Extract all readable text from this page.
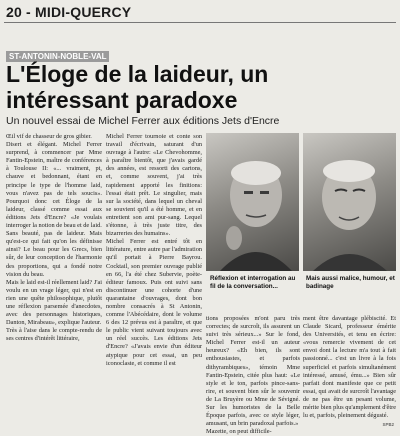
20 - MIDI-QUERCY
ST-ANTONIN-NOBLE-VAL
L'Éloge de la laideur, un intéressant paradoxe
Un nouvel essai de Michel Ferrer aux éditions Jets d'Encre
Œil vif de chasseur de gros gibier.
Disert et élégant. Michel Ferrer surprend, à commencer par Mme Fantin-Epstein, maître de conférences à Toulouse II: «... vraiment, pt, chauve et bedonnant, étant en principe le type de l'homme laid, vous n'avez pas de tels soucis». Pourquoi donc cet Éloge de la laideur, classé comme essai aux éditions Jets d'Encre? «Je voulais interroger la notion de beau et de laid.
Sans beauté, pas de laideur. Mais qu'est-ce qui fait qu'on les définisse ainsi? Le beau pour les Grecs, bien sûr, de leur conception de l'harmonie des proportions, qui a fondé notre vision du beau.
Mais le laid est-il réellement laid? J'ai voulu en un vrage léger, qui n'est en rien une quête philosophique, plutôt une réflexion parsemée d'anecdotes, avec des personnages historiques, Danton, Mirabeau», explique l'auteur.
Très à l'aise dans le compte-rendu de ses centres d'intérêt littéraire,
Michel Ferrer tournoie et conte son travail d'écrivain, saturant d'un ouvrage à l'autre: «Le Chevohomme, à paraître bientôt, que j'avais gardé des années, est ressorti des cartons, et, comme souvent, j'ai très rapidement apporté les finitions: l'essai était prêt. Le singulier, mais sur la société, dans lequel un cheval se souvient qu'il a été homme, et en entretient son ami pur-sang. Lequel s'étonne, à très juste titre, des bizarreries des humains».
Michel Ferrer est entré tôt en littérature, entre autre par l'admiration qu'il portait à Pierre Bayrou. Cocktail, son premier ouvrage publié en 66, l'a été chez Subervie, poète-éditeur famoux. Puis ont suivi sans discontinuer une cohorte d'une quarantaine d'ouvrages, dont bon nombre consacrés à St Antonin, comme l'Abécédaire, dont le volume 6 des 12 prévus est à paraître, et que le public vient suivant toujours avec un réel succès. Les éditions Jets d'Encre? «J'avais envie d'un éditeur atypique pour cet essai, un peu iconoclaste, et comme il est
Réflexion et interrogation au fil de la conversation...
Mais aussi malice, humour, et badinage
tions proposées m'ont paru très correctes; de surcroît, ils assurent un suivi très sérieux...» Sur le fond, Michel Ferrer est-il un auteur heureux? «Eh bien, ils sont enthousiastes, et parfois dithyrambiques», témoin Mme Fantin-Epstein, citée plus haut: «Le style et le ton, parfois pince-sans-rire, et souvent bien sûr le souvenir de La Bruyère ou Mme de Sévigné. Sur les humoristes de la Belle Époque parfois, avec ce style léger, amusant, un brin paradoxal parfois.»
Mazette, on peut difficile-
ment être davantage plébiscité. Et Claude Sicard, professeur émérite des Universités, et tenu en écrire: «vous remercie vivement de cet envoi dont la lecture m'a tout à fait passionné... c'est un livre à la fois superficiel et parfois simultanément intéressé, amusé, ému...» Bien sûr parfait dont manifeste que ce petit essai, qui avait de surcroît l'avantage de ne pas être un pesant volume, mérite bien plus qu'amplement d'être lu et, parfois, pleinement dégusté.
SPB2
